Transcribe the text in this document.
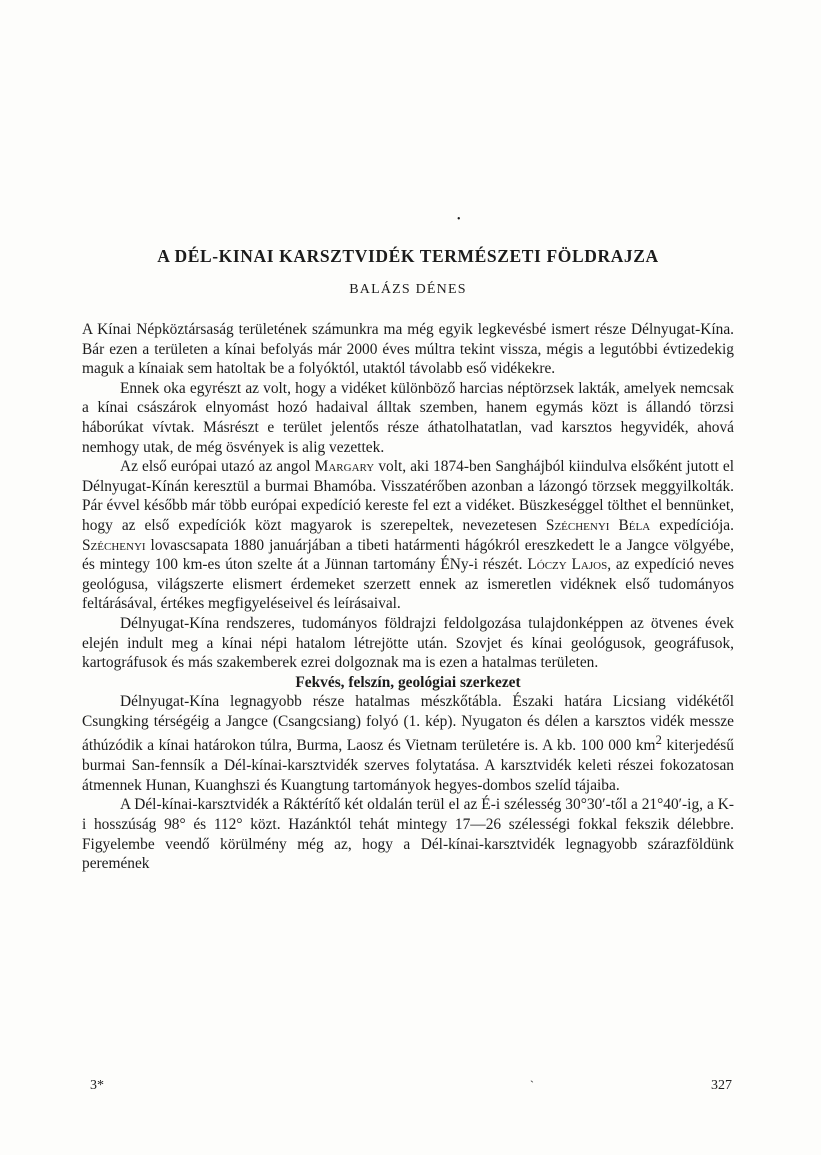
•
A DÉL-KINAI KARSZTVIDÉK TERMÉSZETI FÖLDRAJZA
BALÁZS DÉNES

A Kínai Népköztársaság területének számunkra ma még egyik legkevésbé ismert része Délnyugat-Kína. Bár ezen a területen a kínai befolyás már 2000 éves múltra tekint vissza, mégis a legutóbbi évtizedekig maguk a kínaiak sem hatoltak be a folyóktól, utaktól távolabb eső vidékekre.

Ennek oka egyrészt az volt, hogy a vidéket különböző harcias néptörzsek lakták, amelyek nemcsak a kínai császárok elnyomást hozó hadaival álltak szemben, hanem egymás közt is állandó törzsi háborúkat vívtak. Másrészt e terület jelentős része áthatolhatatlan, vad karsztos hegyvidék, ahová nemhogy utak, de még ösvények is alig vezettek.

Az első európai utazó az angol Margary volt, aki 1874-ben Sanghájból kiindulva elsőként jutott el Délnyugat-Kínán keresztül a burmai Bhamóba. Visszatérőben azonban a lázongó törzsek meggyilkolták. Pár évvel később már több európai expedíció kereste fel ezt a vidéket. Büszkeséggel tölthet el bennünket, hogy az első expedíciók közt magyarok is szerepeltek, nevezetesen Széchenyi Béla expedíciója. Széchenyi lovascsapata 1880 januárjában a tibeti határmenti hágókról ereszkedett le a Jangce völgyébe, és mintegy 100 km-es úton szelte át a Jünnan tartomány ÉNy-i részét. Lóczy Lajos, az expedíció neves geológusa, világszerte elismert érdemeket szerzett ennek az ismeretlen vidéknek első tudományos feltárásával, értékes megfigyeléseivel és leírásaival.

Délnyugat-Kína rendszeres, tudományos földrajzi feldolgozása tulajdonképpen az ötvenes évek elején indult meg a kínai népi hatalom létrejötte után. Szovjet és kínai geológusok, geográfusok, kartográfusok és más szakemberek ezrei dolgoznak ma is ezen a hatalmas területen.

Fekvés, felszín, geológiai szerkezet

Délnyugat-Kína legnagyobb része hatalmas mészkőtábla. Északi határa Licsiang vidékétől Csungking térségéig a Jangce (Csangcsiang) folyó (1. kép). Nyugaton és délen a karsztos vidék messze áthúzódik a kínai határokon túlra, Burma, Laosz és Vietnam területére is. A kb. 100 000 $km^2$ kiterjedésű burmai San-fennsík a Dél-kínai-karsztvidék szerves folytatása. A karsztvidék keleti részei fokozatosan átmennek Hunan, Kuanghszi és Kuangtung tartományok hegyes-dombos szelíd tájaiba.

A Dél-kínai-karsztvidék a Ráktérítő két oldalán terül el az É-i szélesség 30°30′-től a 21°40′-ig, a K-i hosszúság 98° és 112° közt. Hazánktól tehát mintegy 17—26 szélességi fokkal fekszik délebbre. Figyelembe veendő körülmény még az, hogy a Dél-kínai-karsztvidék legnagyobb szárazföldünk peremének

3*	`	327
